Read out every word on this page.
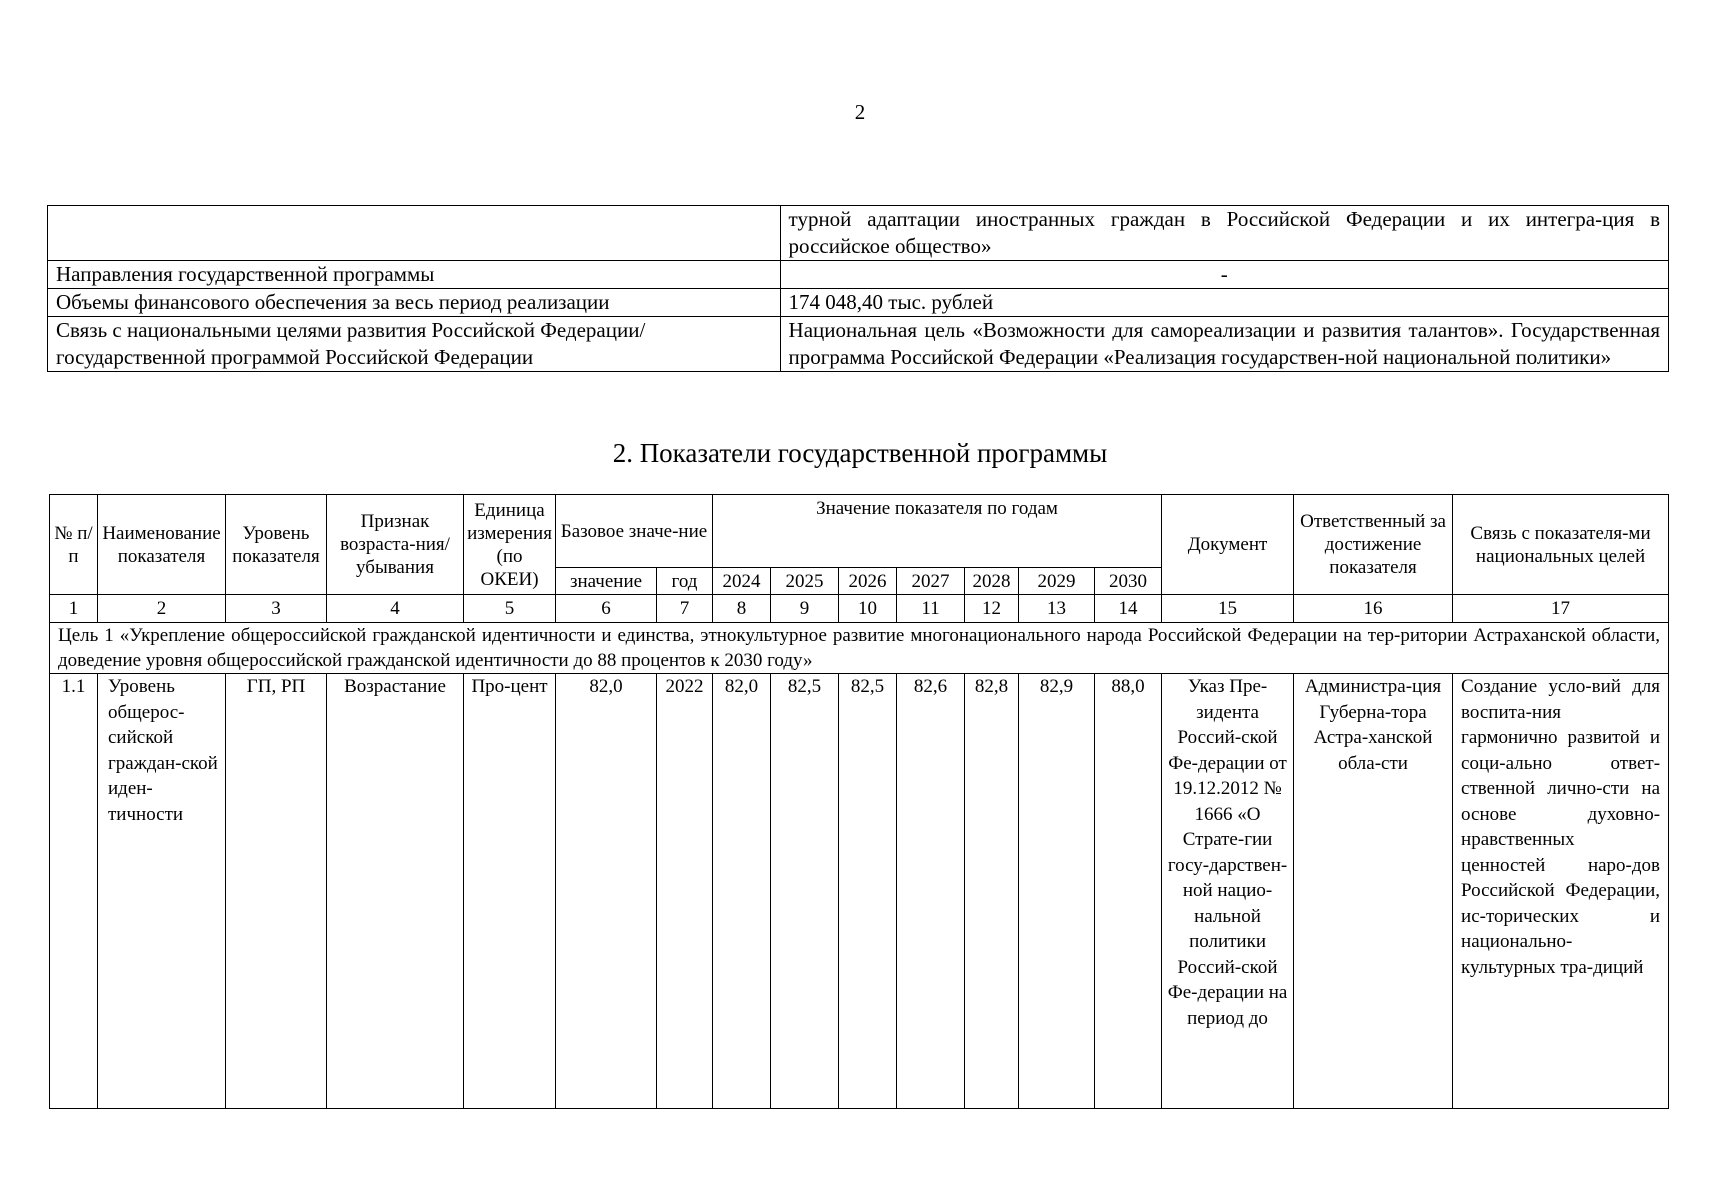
2
	турной адаптации иностранных граждан в Российской Федерации и их интегра-ция в российское общество»
Направления государственной программы	-
Объемы финансового обеспечения за весь период реализации	174 048,40 тыс. рублей
Связь с национальными целями развития Российской Федерации/ государственной программой Российской Федерации	Национальная цель «Возможности для самореализации и развития талантов». Государственная программа Российской Федерации «Реализация государствен-ной национальной политики»
2. Показатели государственной программы
№ п/п	Наименование показателя	Уровень показателя	Признак возраста-ния/убывания	Единица измерения (по ОКЕИ)	Базовое значе-ние		Значение показателя по годам							Документ	Ответственный за достижение показателя	Связь с показателя-ми национальных целей
					значение	год	2024	2025	2026	2027	2028	2029	2030			
1	2	3	4	5	6	7	8	9	10	11	12	13	14	15	16	17
Цель 1 «Укрепление общероссийской гражданской идентичности и единства, этнокультурное развитие многонационального народа Российской Федерации на тер-ритории Астраханской области, доведение уровня общероссийской гражданской идентичности до 88 процентов к 2030 году»																
1.1	Уровень общерос-сийской граждан-ской иден-тичности	ГП, РП	Возрастание	Про-цент	82,0	2022	82,0	82,5	82,5	82,6	82,8	82,9	88,0	Указ Пре-зидента Россий-ской Фе-дерации от 19.12.2012 № 1666 «О Страте-гии госу-дарствен-ной нацио-нальной политики Россий-ской Фе-дерации на период до	Администра-ция Губерна-тора Астра-ханской обла-сти	Создание усло-вий для воспита-ния гармонично развитой и соци-ально ответ-ственной лично-сти на основе духовно-нравственных ценностей наро-дов Российской Федерации, ис-торических и национально-культурных тра-диций
